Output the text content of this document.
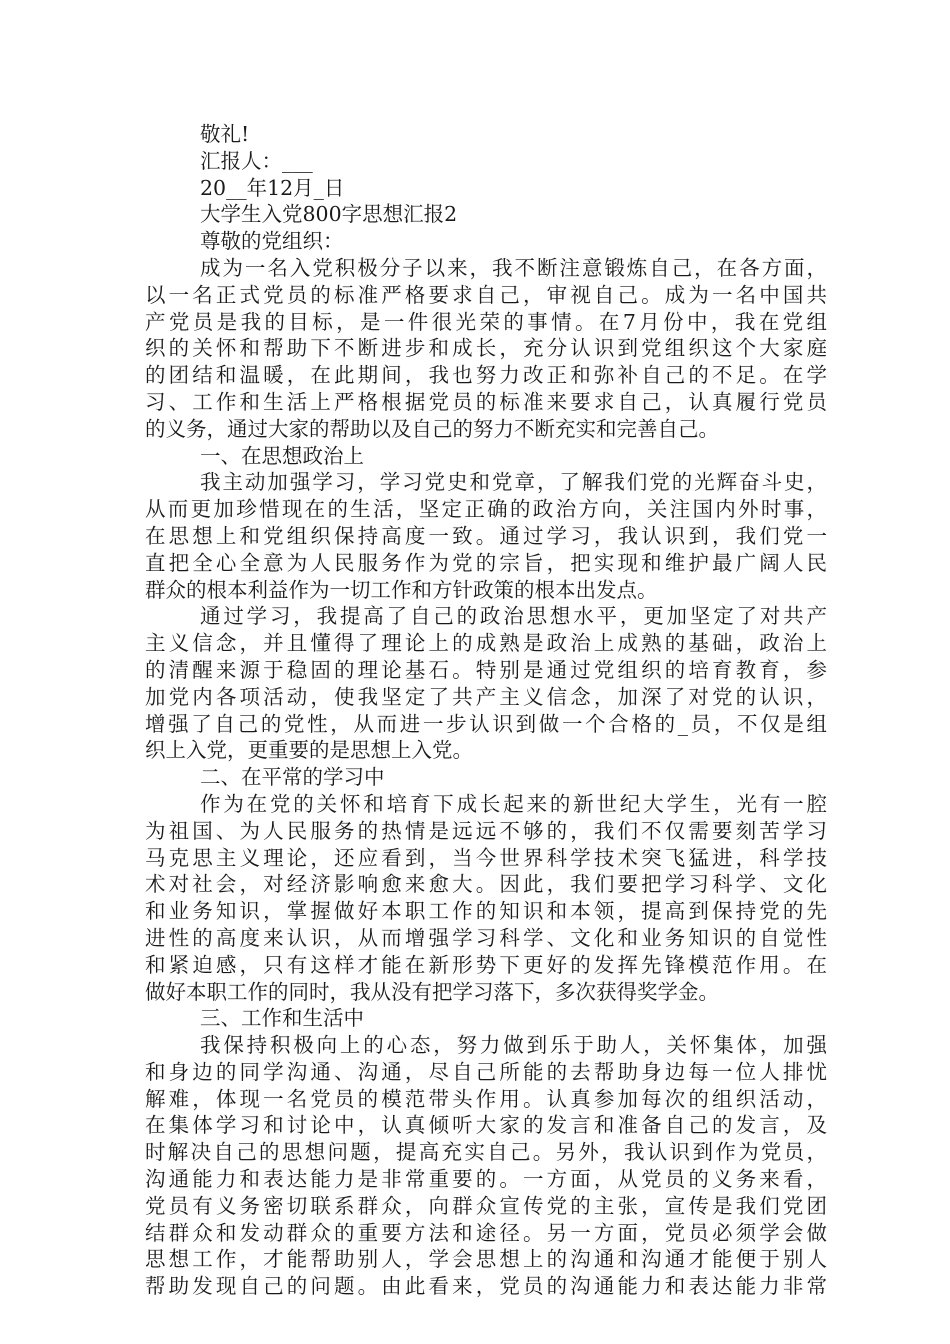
敬礼!
汇报人：___
20__年12月_日
大学生入党800字思想汇报2
尊敬的党组织：
成为一名入党积极分子以来，我不断注意锻炼自己，在各方面，
以一名正式党员的标准严格要求自己，审视自己。成为一名中国共
产党员是我的目标，是一件很光荣的事情。在7月份中，我在党组
织的关怀和帮助下不断进步和成长，充分认识到党组织这个大家庭
的团结和温暖，在此期间，我也努力改正和弥补自己的不足。在学
习、工作和生活上严格根据党员的标准来要求自己，认真履行党员
的义务，通过大家的帮助以及自己的努力不断充实和完善自己。
一、在思想政治上
我主动加强学习，学习党史和党章，了解我们党的光辉奋斗史，
从而更加珍惜现在的生活，坚定正确的政治方向，关注国内外时事，
在思想上和党组织保持高度一致。通过学习，我认识到，我们党一
直把全心全意为人民服务作为党的宗旨，把实现和维护最广阔人民
群众的根本利益作为一切工作和方针政策的根本出发点。
通过学习，我提高了自己的政治思想水平，更加坚定了对共产
主义信念，并且懂得了理论上的成熟是政治上成熟的基础，政治上
的清醒来源于稳固的理论基石。特别是通过党组织的培育教育，参
加党内各项活动，使我坚定了共产主义信念，加深了对党的认识，
增强了自己的党性，从而进一步认识到做一个合格的_员，不仅是组
织上入党，更重要的是思想上入党。
二、在平常的学习中
作为在党的关怀和培育下成长起来的新世纪大学生，光有一腔
为祖国、为人民服务的热情是远远不够的，我们不仅需要刻苦学习
马克思主义理论，还应看到，当今世界科学技术突飞猛进，科学技
术对社会，对经济影响愈来愈大。因此，我们要把学习科学、文化
和业务知识，掌握做好本职工作的知识和本领，提高到保持党的先
进性的高度来认识，从而增强学习科学、文化和业务知识的自觉性
和紧迫感，只有这样才能在新形势下更好的发挥先锋模范作用。在
做好本职工作的同时，我从没有把学习落下，多次获得奖学金。
三、工作和生活中
我保持积极向上的心态，努力做到乐于助人，关怀集体，加强
和身边的同学沟通、沟通，尽自己所能的去帮助身边每一位人排忧
解难，体现一名党员的模范带头作用。认真参加每次的组织活动，
在集体学习和讨论中，认真倾听大家的发言和准备自己的发言，及
时解决自己的思想问题，提高充实自己。另外，我认识到作为党员，
沟通能力和表达能力是非常重要的。一方面，从党员的义务来看，
党员有义务密切联系群众，向群众宣传党的主张，宣传是我们党团
结群众和发动群众的重要方法和途径。另一方面，党员必须学会做
思想工作，才能帮助别人，学会思想上的沟通和沟通才能便于别人
帮助发现自己的问题。由此看来，党员的沟通能力和表达能力非常
